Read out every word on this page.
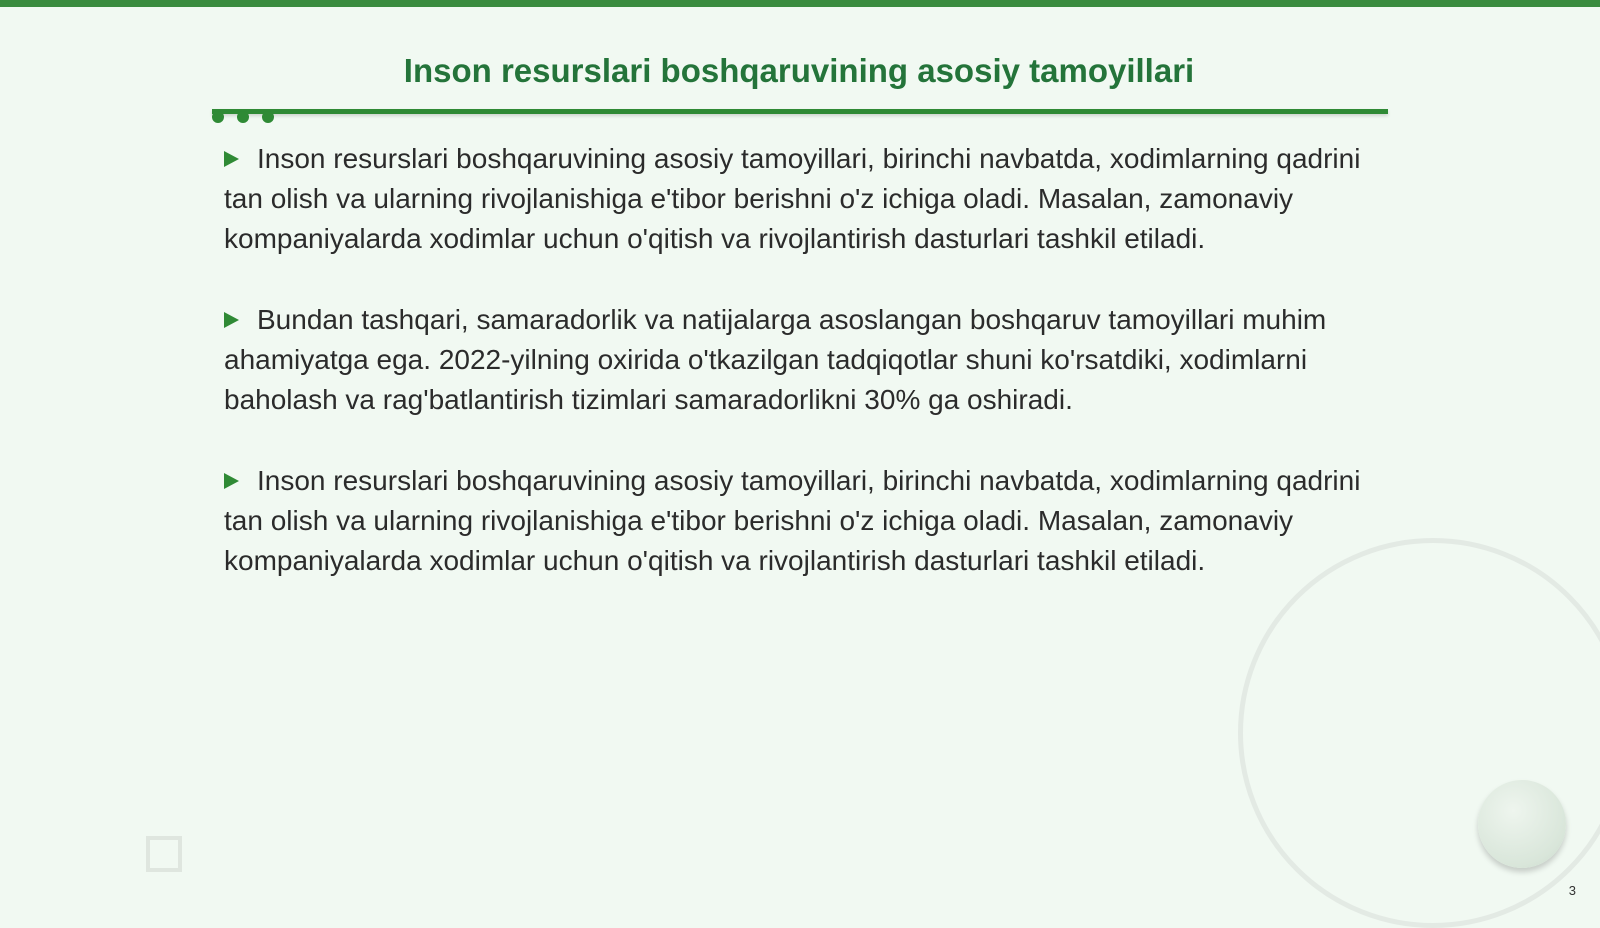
Inson resurslari boshqaruvining asosiy tamoyillari

Inson resurslari boshqaruvining asosiy tamoyillari, birinchi navbatda, xodimlarning qadrini tan olish va ularning rivojlanishiga e'tibor berishni o'z ichiga oladi. Masalan, zamonaviy kompaniyalarda xodimlar uchun o'qitish va rivojlantirish dasturlari tashkil etiladi.

Bundan tashqari, samaradorlik va natijalarga asoslangan boshqaruv tamoyillari muhim ahamiyatga ega. 2022-yilning oxirida o'tkazilgan tadqiqotlar shuni ko'rsatdiki, xodimlarni baholash va rag'batlantirish tizimlari samaradorlikni 30% ga oshiradi.

Inson resurslari boshqaruvining asosiy tamoyillari, birinchi navbatda, xodimlarning qadrini tan olish va ularning rivojlanishiga e'tibor berishni o'z ichiga oladi. Masalan, zamonaviy kompaniyalarda xodimlar uchun o'qitish va rivojlantirish dasturlari tashkil etiladi.

3
